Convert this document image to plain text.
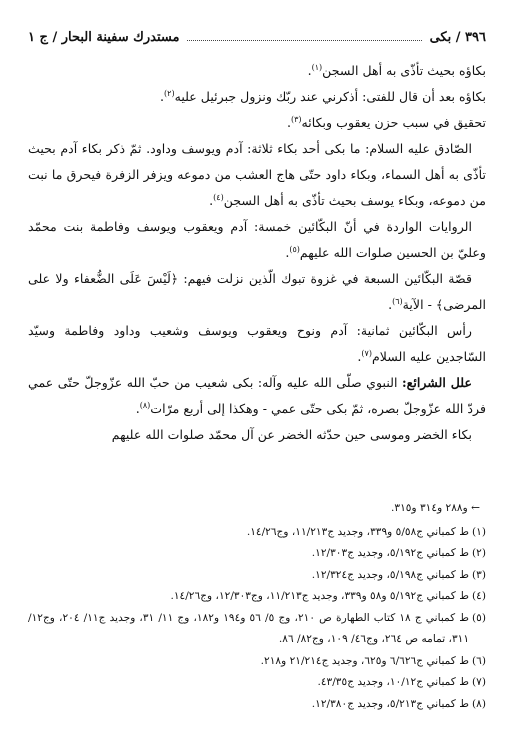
٣٩٦ / بكى
مستدرك سفينة البحار / ج ١

بكاؤه بحيث تأذّى به أهل السجن$^{(١)}$.

بكاؤه بعد أن قال للفتى: أذكرني عند ربّك ونزول جبرئيل عليه$^{(٢)}$.

تحقيق في سبب حزن يعقوب وبكائه$^{(٣)}$.

الصّادق عليه السلام: ما بكى أحد بكاء ثلاثة: آدم ويوسف وداود. ثمّ ذكر بكاء آدم بحيث تأذّى به أهل السماء، وبكاء داود حتّى هاج العشب من دموعه ويزفر الزفرة فيحرق ما نبت من دموعه، وبكاء يوسف بحيث تأذّى به أهل السجن$^{(٤)}$.

الروايات الواردة في أنّ البكّائين خمسة: آدم ويعقوب ويوسف وفاطمة بنت محمّد وعليّ بن الحسين صلوات الله عليهم$^{(٥)}$.

قصّة البكّائين السبعة في غزوة تبوك الّذين نزلت فيهم: ﴿لَيْسَ عَلَى الضُّعفاء ولا على المرضى﴾ - الآية$^{(٦)}$.

رأس البكّائين ثمانية: آدم ونوح ويعقوب ويوسف وشعيب وداود وفاطمة وسيّد السّاجدين عليه السلام$^{(٧)}$.

علل الشرائع: النبوي صلّى الله عليه وآله: بكى شعيب من حبّ الله عزّوجلّ حتّى عمي فردّ الله عزّوجلّ بصره، ثمّ بكى حتّى عمي - وهكذا إلى أربع مرّات$^{(٨)}$.

بكاء الخضر وموسى حين حدّثه الخضر عن آل محمّد صلوات الله عليهم

← و٢٨٨ و٣١٤ و٣١٥.

(١)
ط كمباني ج٥/٥٨ و٣٣٩، وجديد ج١١/٢١٣، وج١٤/٢٦.

(٢)
ط كمباني ج٥/١٩٢، وجديد ج١٢/٣٠٣.

(٣)
ط كمباني ج٥/١٩٨، وجديد ج١٢/٣٢٤.

(٤)
ط كمباني ج٥/١٩٢ و٥٨ و٣٣٩، وجديد ج١١/٢١٣، وج١٢/٣٠٣، وج١٤/٢٦.

(٥)
ط كمباني ج ١٨ كتاب الطهارة ص ٢١٠، وج ٥/ ٥٦ و١٩٤ و١٨٢، وج ١١/ ٣١، وجديد ج١١/ ٢٠٤، وج١٢/ ٣١١، تمامه ص ٢٦٤، وج٤٦/ ١٠٩، وج٨٢/ ٨٦.

(٦)
ط كمباني ج٦/٦٢٦ و٦٢٥، وجديد ج٢١/٢١٤ و٢١٨.

(٧)
ط كمباني ج١٠/١٢، وجديد ج٤٣/٣٥.

(٨)
ط كمباني ج٥/٢١٣، وجديد ج١٢/٣٨٠.
